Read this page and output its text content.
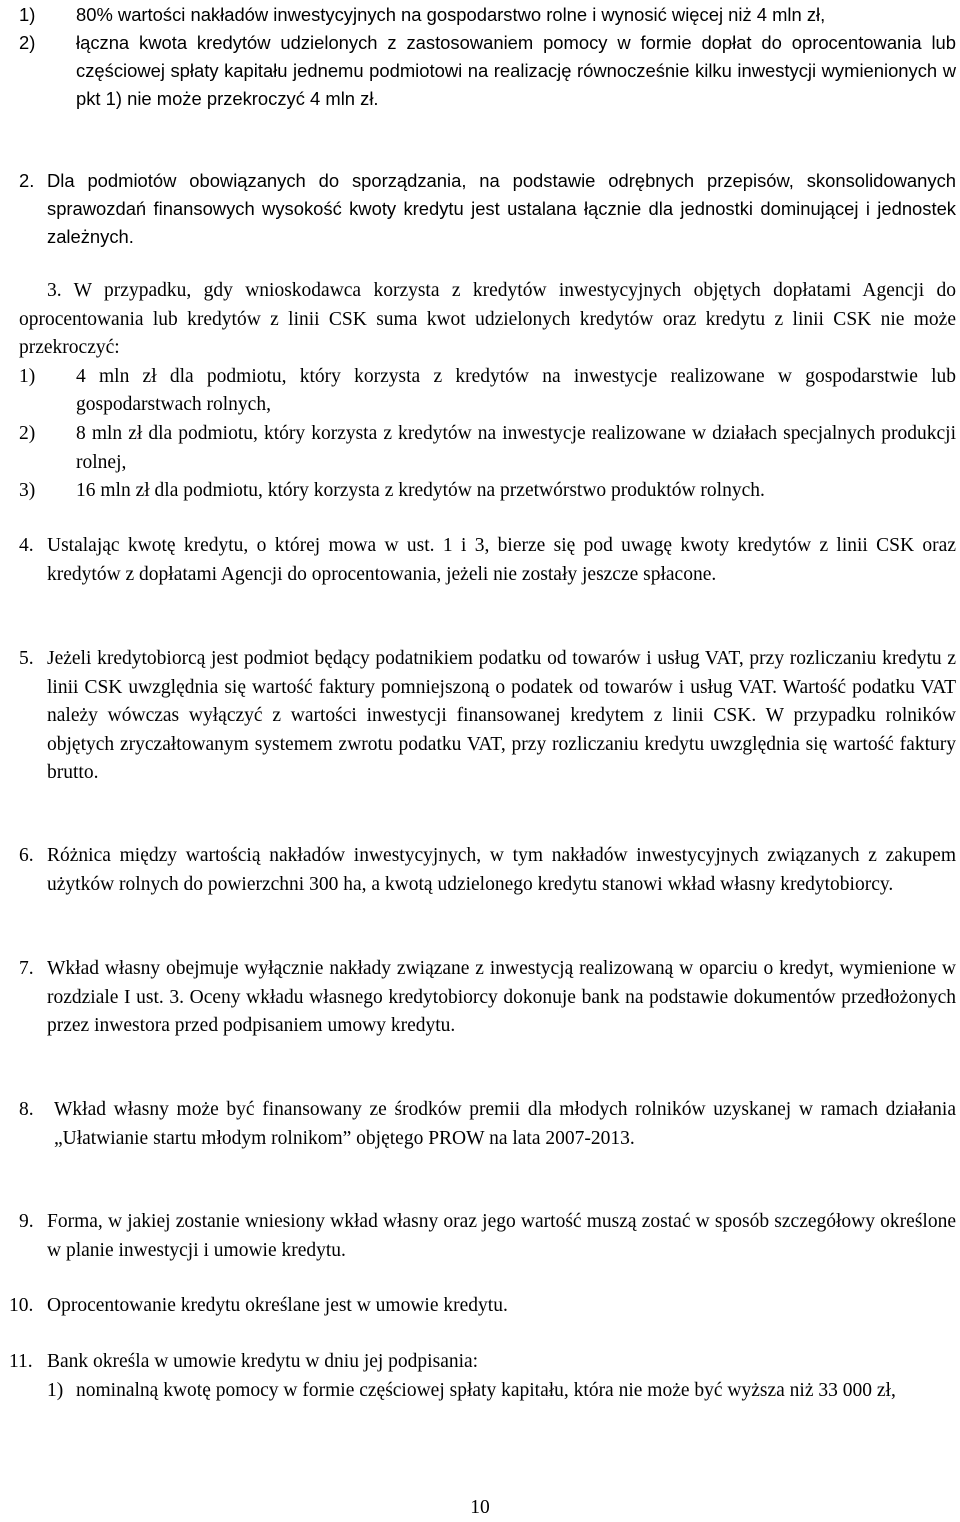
1) 80% wartości nakładów inwestycyjnych na gospodarstwo rolne i wynosić więcej niż 4 mln zł,
2) łączna kwota kredytów udzielonych z zastosowaniem pomocy w formie dopłat do oprocentowania lub częściowej spłaty kapitału jednemu podmiotowi na realizację równocześnie kilku inwestycji wymienionych w pkt 1) nie może przekroczyć 4 mln zł.
2. Dla podmiotów obowiązanych do sporządzania, na podstawie odrębnych przepisów, skonsolidowanych sprawozdań finansowych wysokość kwoty kredytu jest ustalana łącznie dla jednostki dominującej i jednostek zależnych.
3. W przypadku, gdy wnioskodawca korzysta z kredytów inwestycyjnych objętych dopłatami Agencji do oprocentowania lub kredytów z linii CSK suma kwot udzielonych kredytów oraz kredytu z linii CSK nie może przekroczyć:
1) 4 mln zł dla podmiotu, który korzysta z kredytów na inwestycje realizowane w gospodarstwie lub gospodarstwach rolnych,
2) 8 mln zł dla podmiotu, który korzysta z kredytów na inwestycje realizowane w działach specjalnych produkcji rolnej,
3) 16 mln zł dla podmiotu, który korzysta z kredytów na przetwórstwo produktów rolnych.
4. Ustalając kwotę kredytu, o której mowa w ust. 1 i 3, bierze się pod uwagę kwoty kredytów z linii CSK oraz kredytów z dopłatami Agencji do oprocentowania, jeżeli nie zostały jeszcze spłacone.
5. Jeżeli kredytobiorcą jest podmiot będący podatnikiem podatku od towarów i usług VAT, przy rozliczaniu kredytu z linii CSK uwzględnia się wartość faktury pomniejszoną o podatek od towarów i usług VAT. Wartość podatku VAT należy wówczas wyłączyć z wartości inwestycji finansowanej kredytem z linii CSK. W przypadku rolników objętych zryczałtowanym systemem zwrotu podatku VAT, przy rozliczaniu kredytu uwzględnia się wartość faktury brutto.
6. Różnica między wartością nakładów inwestycyjnych, w tym nakładów inwestycyjnych związanych z zakupem użytków rolnych do powierzchni 300 ha, a kwotą udzielonego kredytu stanowi wkład własny kredytobiorcy.
7. Wkład własny obejmuje wyłącznie nakłady związane z inwestycją realizowaną w oparciu o kredyt, wymienione w rozdziale I ust. 3. Oceny wkładu własnego kredytobiorcy dokonuje bank na podstawie dokumentów przedłożonych przez inwestora przed podpisaniem umowy kredytu.
8. Wkład własny może być finansowany ze środków premii dla młodych rolników uzyskanej w ramach działania „Ułatwianie startu młodym rolnikom” objętego PROW na lata 2007-2013.
9. Forma, w jakiej zostanie wniesiony wkład własny oraz jego wartość muszą zostać w sposób szczegółowy określone w planie inwestycji i umowie kredytu.
10. Oprocentowanie kredytu określane jest w umowie kredytu.
11. Bank określa w umowie kredytu w dniu jej podpisania:
1) nominalną kwotę pomocy w formie częściowej spłaty kapitału, która nie może być wyższa niż 33 000 zł,
10
